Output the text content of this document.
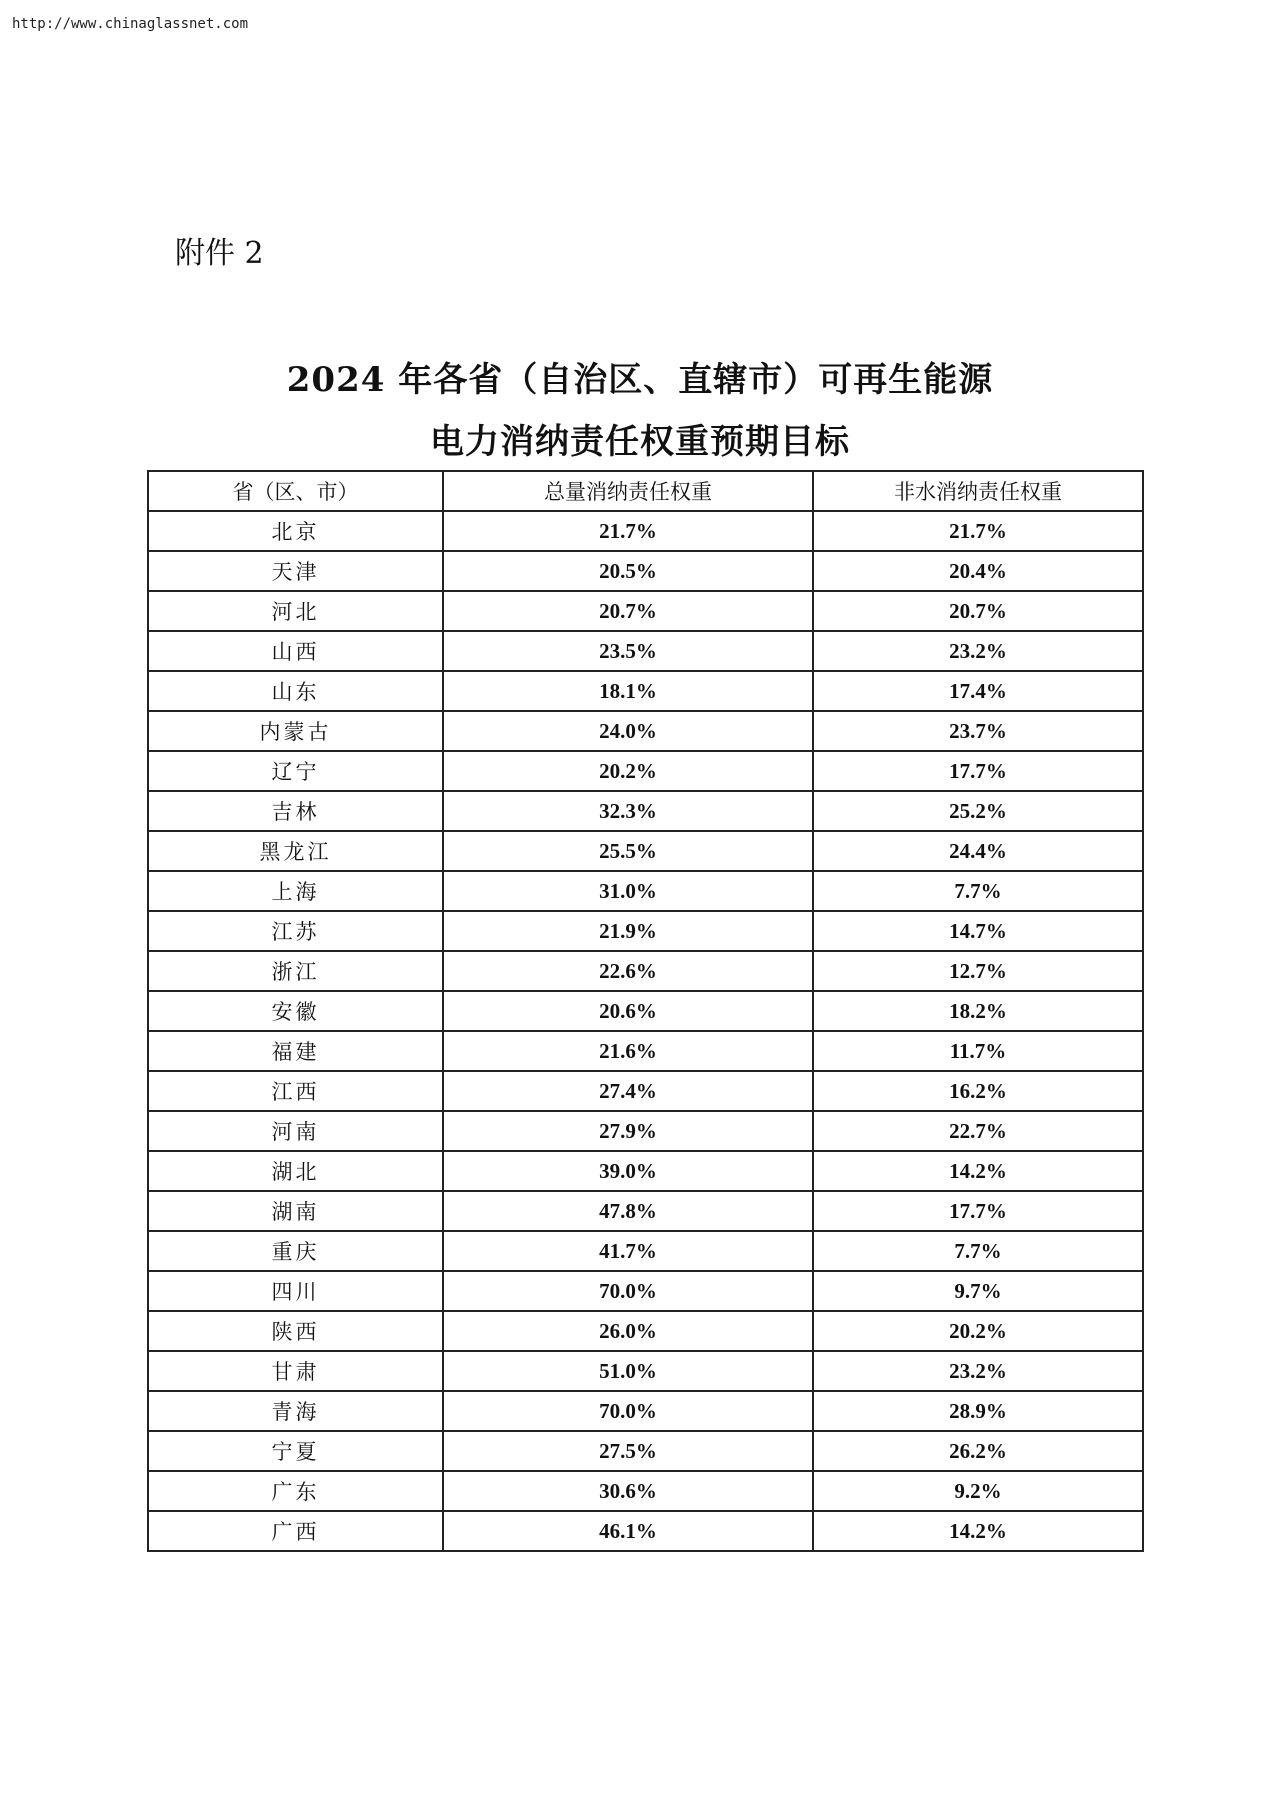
http://www.chinaglassnet.com
附件 2
2024 年各省（自治区、直辖市）可再生能源
电力消纳责任权重预期目标
省（区、市）	总量消纳责任权重	非水消纳责任权重
北京	21.7%	21.7%
天津	20.5%	20.4%
河北	20.7%	20.7%
山西	23.5%	23.2%
山东	18.1%	17.4%
内蒙古	24.0%	23.7%
辽宁	20.2%	17.7%
吉林	32.3%	25.2%
黑龙江	25.5%	24.4%
上海	31.0%	7.7%
江苏	21.9%	14.7%
浙江	22.6%	12.7%
安徽	20.6%	18.2%
福建	21.6%	11.7%
江西	27.4%	16.2%
河南	27.9%	22.7%
湖北	39.0%	14.2%
湖南	47.8%	17.7%
重庆	41.7%	7.7%
四川	70.0%	9.7%
陕西	26.0%	20.2%
甘肃	51.0%	23.2%
青海	70.0%	28.9%
宁夏	27.5%	26.2%
广东	30.6%	9.2%
广西	46.1%	14.2%
